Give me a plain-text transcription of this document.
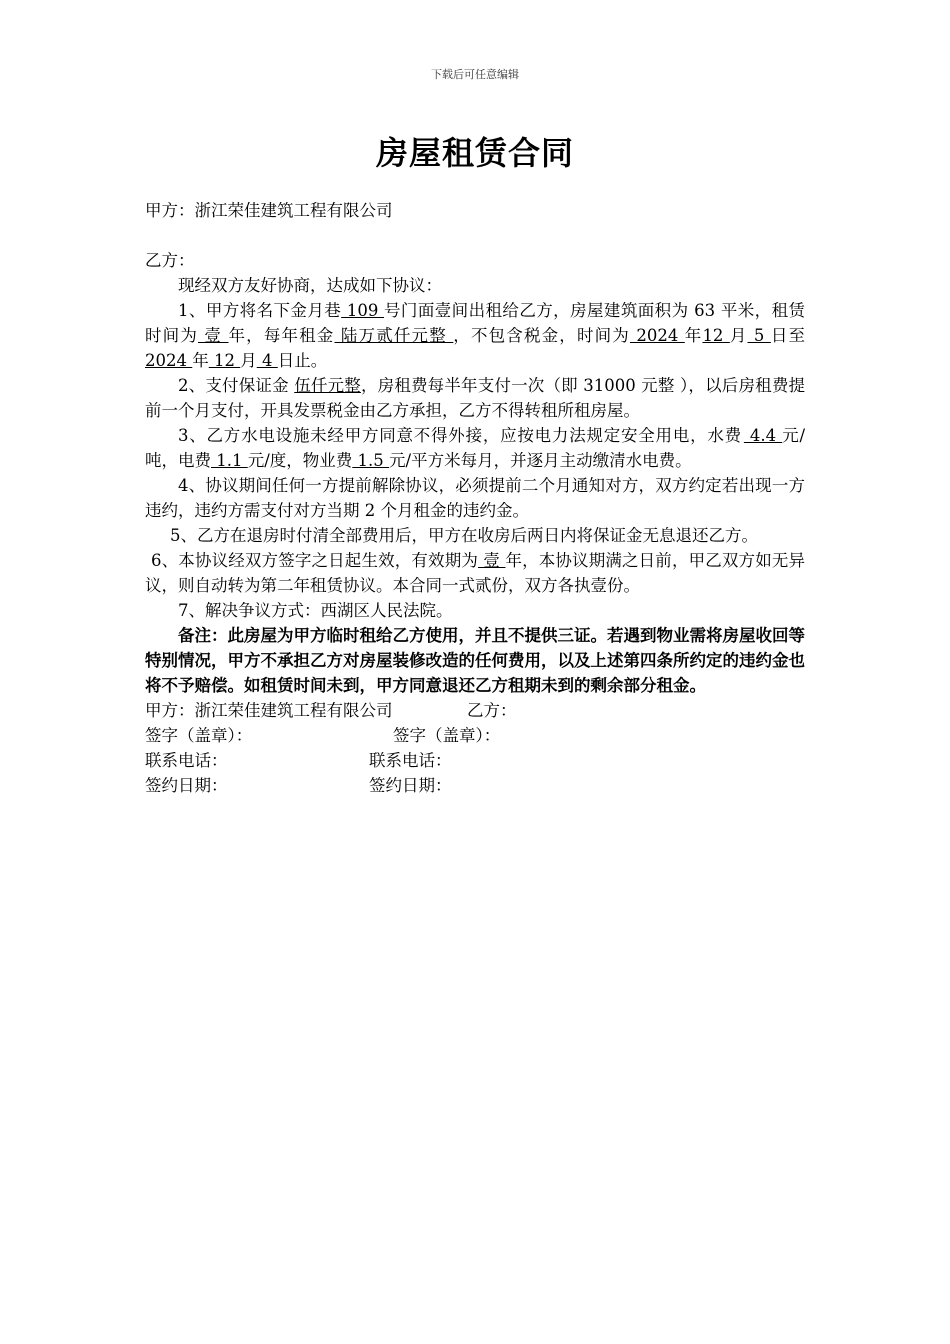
下载后可任意编辑
房屋租赁合同
甲方：浙江荣佳建筑工程有限公司
乙方：
现经双方友好协商，达成如下协议：

1、甲方将名下金月巷 109 号门面壹间出租给乙方，房屋建筑面积为 63 平米，租赁时间为 壹 年，每年租金 陆万贰仟元整 ，不包含税金，时间为 2024 年12 月 5 日至 2024 年 12 月 4 日止。

2、支付保证金 伍仟元整，房租费每半年支付一次（即 31000 元整 ），以后房租费提前一个月支付，开具发票税金由乙方承担，乙方不得转租所租房屋。

3、乙方水电设施未经甲方同意不得外接，应按电力法规定安全用电，水费 4.4 元/吨，电费 1.1 元/度，物业费 1.5 元/平方米每月，并逐月主动缴清水电费。

4、协议期间任何一方提前解除协议，必须提前二个月通知对方，双方约定若出现一方违约，违约方需支付对方当期 2 个月租金的违约金。

5、乙方在退房时付清全部费用后，甲方在收房后两日内将保证金无息退还乙方。

6、本协议经双方签字之日起生效，有效期为 壹 年，本协议期满之日前，甲乙双方如无异议，则自动转为第二年租赁协议。本合同一式贰份，双方各执壹份。

7、解决争议方式：西湖区人民法院。

备注：此房屋为甲方临时租给乙方使用，并且不提供三证。若遇到物业需将房屋收回等特别情况，甲方不承担乙方对房屋装修改造的任何费用，以及上述第四条所约定的违约金也将不予赔偿。如租赁时间未到，甲方同意退还乙方租期未到的剩余部分租金。

甲方：浙江荣佳建筑工程有限公司	乙方：
签字（盖章）：	签字（盖章）：
联系电话：	联系电话：
签约日期：	签约日期：
